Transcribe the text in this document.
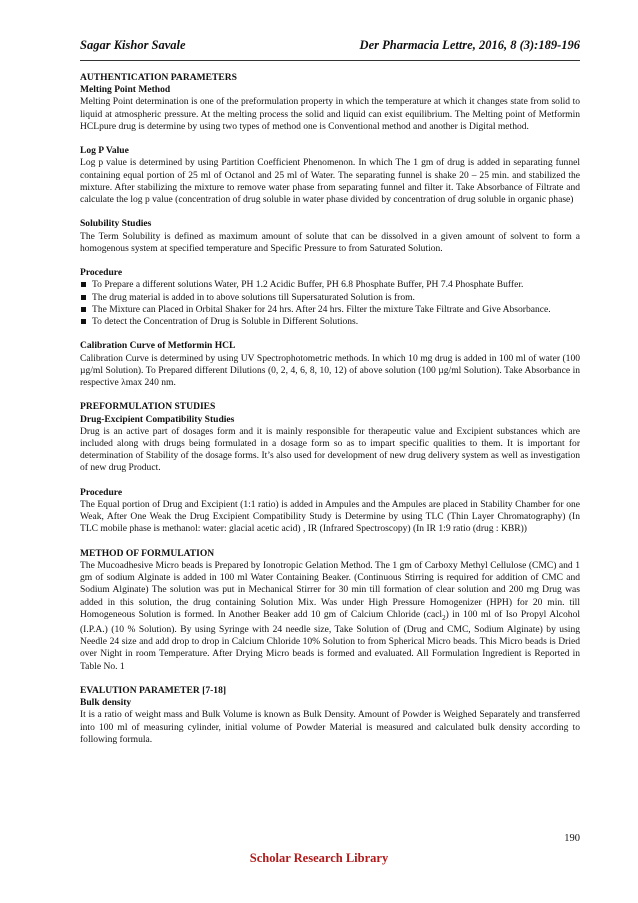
Sagar Kishor Savale	Der Pharmacia Lettre, 2016, 8 (3):189-196

AUTHENTICATION PARAMETERS

Melting Point Method

Melting Point determination is one of the preformulation property in which the temperature at which it changes state from solid to liquid at atmospheric pressure. At the melting process the solid and liquid can exist equilibrium. The Melting point of Metformin HCLpure drug is determine by using two types of method one is Conventional method and another is Digital method.

Log P Value

Log p value is determined by using Partition Coefficient Phenomenon. In which The 1 gm of drug is added in separating funnel containing equal portion of 25 ml of Octanol and 25 ml of Water. The separating funnel is shake 20 – 25 min. and stabilized the mixture. After stabilizing the mixture to remove water phase from separating funnel and filter it. Take Absorbance of Filtrate and calculate the log p value (concentration of drug soluble in water phase divided by concentration of drug soluble in organic phase)

Solubility Studies

The Term Solubility is defined as maximum amount of solute that can be dissolved in a given amount of solvent to form a homogenous system at specified temperature and Specific Pressure to from Saturated Solution.

Procedure

To Prepare a different solutions Water, PH 1.2 Acidic Buffer, PH 6.8 Phosphate Buffer, PH 7.4 Phosphate Buffer.
The drug material is added in to above solutions till Supersaturated Solution is from.
The Mixture can Placed in Orbital Shaker for 24 hrs. After 24 hrs. Filter the mixture Take Filtrate and Give Absorbance.
To detect the Concentration of Drug is Soluble in Different Solutions.

Calibration Curve of Metformin HCL

Calibration Curve is determined by using UV Spectrophotometric methods. In which 10 mg drug is added in 100 ml of water (100 µg/ml Solution). To Prepared different Dilutions (0, 2, 4, 6, 8, 10, 12) of above solution (100 µg/ml Solution). Take Absorbance in respective λmax 240 nm.

PREFORMULATION STUDIES

Drug-Excipient Compatibility Studies

Drug is an active part of dosages form and it is mainly responsible for therapeutic value and Excipient substances which are included along with drugs being formulated in a dosage form so as to impart specific qualities to them. It is important for determination of Stability of the dosage forms. It’s also used for development of new drug delivery system as well as investigation of new drug Product.

Procedure

The Equal portion of Drug and Excipient (1:1 ratio) is added in Ampules and the Ampules are placed in Stability Chamber for one Weak, After One Weak the Drug Excipient Compatibility Study is Determine by using TLC (Thin Layer Chromatography) (In TLC mobile phase is methanol: water: glacial acetic acid) , IR (Infrared Spectroscopy) (In IR 1:9 ratio (drug : KBR))

METHOD OF FORMULATION

The Mucoadhesive Micro beads is Prepared by Ionotropic Gelation Method. The 1 gm of Carboxy Methyl Cellulose (CMC) and 1 gm of sodium Alginate is added in 100 ml Water Containing Beaker. (Continuous Stirring is required for addition of CMC and Sodium Alginate) The solution was put in Mechanical Stirrer for 30 min till formation of clear solution and 200 mg Drug was added in this solution, the drug containing Solution Mix. Was under High Pressure Homogenizer (HPH) for 20 min. till Homogeneous Solution is formed. In Another Beaker add 10 gm of Calcium Chloride (cacl$_2$) in 100 ml of Iso Propyl Alcohol (I.P.A.) (10 % Solution). By using Syringe with 24 needle size, Take Solution of (Drug and CMC, Sodium Alginate) by using Needle 24 size and add drop to drop in Calcium Chloride 10% Solution to from Spherical Micro beads. This Micro beads is Dried over Night in room Temperature. After Drying Micro beads is formed and evaluated. All Formulation Ingredient is Reported in Table No. 1

EVALUTION PARAMETER [7-18]

Bulk density

It is a ratio of weight mass and Bulk Volume is known as Bulk Density. Amount of Powder is Weighed Separately and transferred into 100 ml of measuring cylinder, initial volume of Powder Material is measured and calculated bulk density according to following formula.

190
Scholar Research Library
